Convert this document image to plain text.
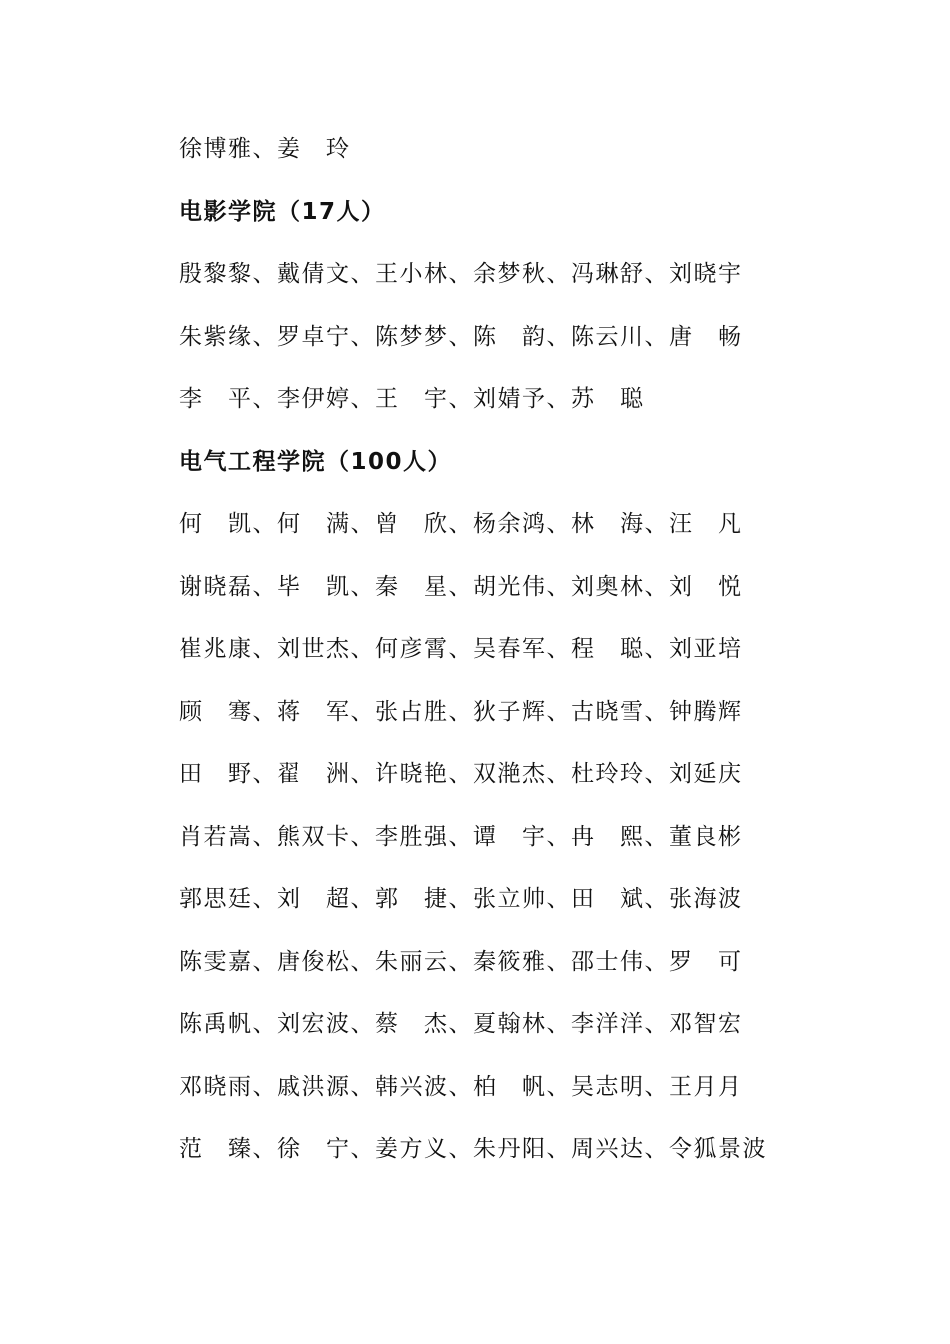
徐博雅、姜　玲
电影学院（17人）
殷黎黎、戴倩文、王小林、余梦秋、冯琳舒、刘晓宇
朱紫缘、罗卓宁、陈梦梦、陈　韵、陈云川、唐　畅
李　平、李伊婷、王　宇、刘婧予、苏　聪
电气工程学院（100人）
何　凯、何　满、曾　欣、杨余鸿、林　海、汪　凡
谢晓磊、毕　凯、秦　星、胡光伟、刘奥林、刘　悦
崔兆康、刘世杰、何彦霄、吴春军、程　聪、刘亚培
顾　骞、蒋　军、张占胜、狄子辉、古晓雪、钟腾辉
田　野、翟　洲、许晓艳、双滟杰、杜玲玲、刘延庆
肖若嵩、熊双卡、李胜强、谭　宇、冉　熙、董良彬
郭思廷、刘　超、郭　捷、张立帅、田　斌、张海波
陈雯嘉、唐俊松、朱丽云、秦筱雅、邵士伟、罗　可
陈禹帆、刘宏波、蔡　杰、夏翰林、李洋洋、邓智宏
邓晓雨、戚洪源、韩兴波、柏　帆、吴志明、王月月
范　臻、徐　宁、姜方义、朱丹阳、周兴达、令狐景波
